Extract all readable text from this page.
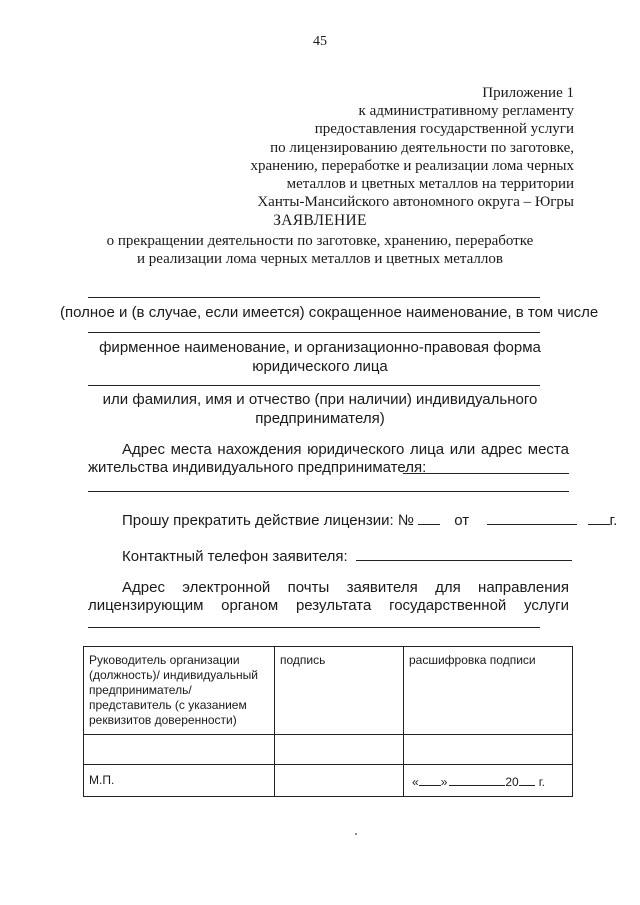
45
Приложение 1
к административному регламенту
предоставления государственной услуги
по лицензированию деятельности по заготовке,
хранению, переработке и реализации лома черных
металлов и цветных металлов на территории
Ханты-Мансийского автономного округа – Югры
ЗАЯВЛЕНИЕ
о прекращении деятельности по заготовке, хранению, переработке
и реализации лома черных металлов и цветных металлов
(полное и (в случае, если имеется) сокращенное наименование, в том числе
фирменное наименование, и организационно-правовая форма
юридического лица
или фамилия, имя и отчество (при наличии) индивидуального
предпринимателя)
Адрес места нахождения юридического лица или адрес места
жительства индивидуального предпринимателя:
Прошу прекратить действие лицензии: №	от	г.
Контактный телефон заявителя:
Адрес электронной почты заявителя для направления
лицензирующим органом результата государственной услуги
Руководитель организации (должность)/ индивидуальный предприниматель/ представитель (с указанием реквизитов доверенности)	подпись	расшифровка подписи

М.П.		« » 20 г.
